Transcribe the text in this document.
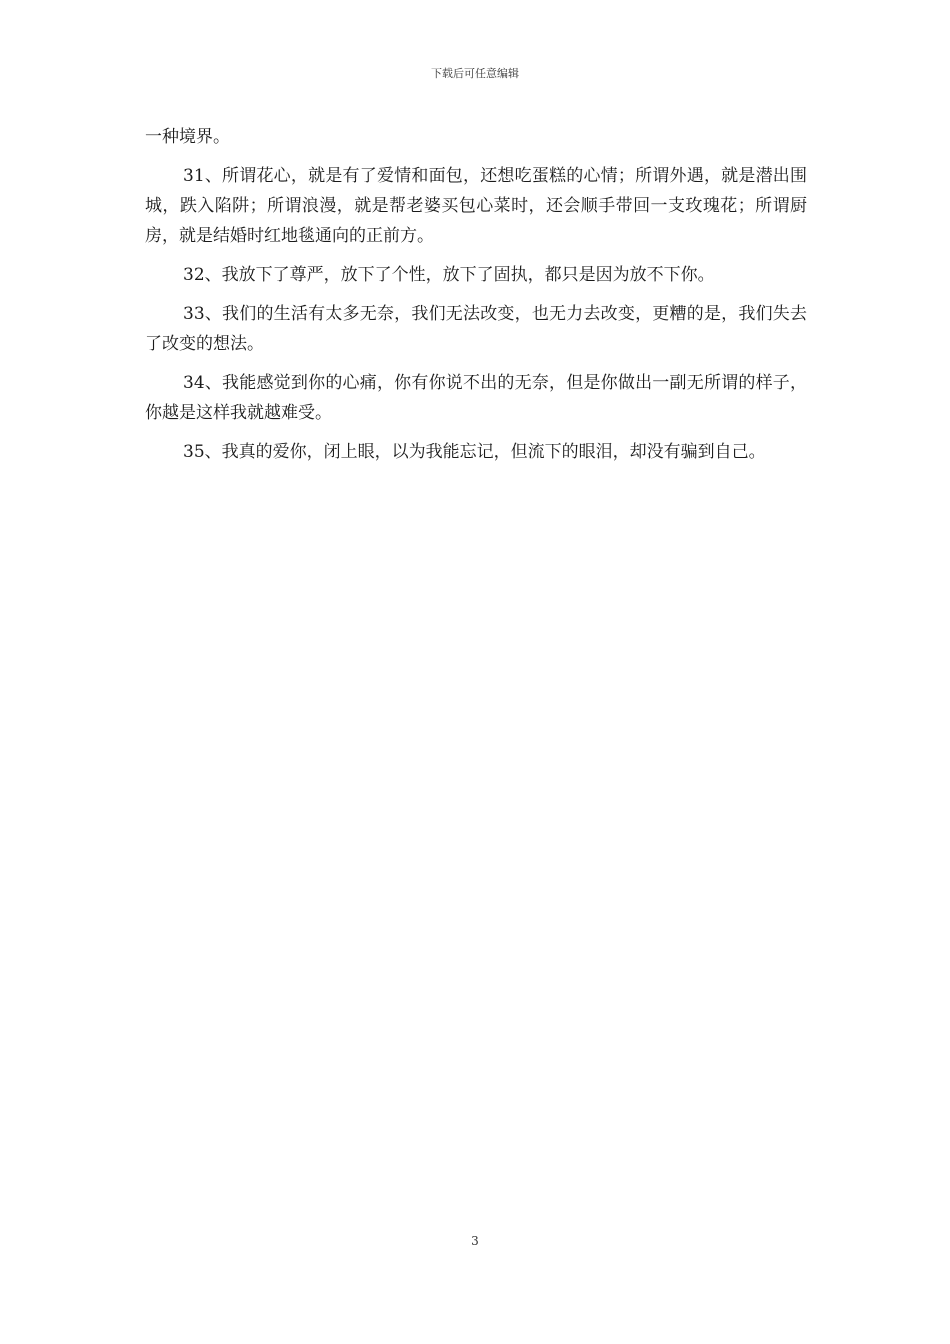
下载后可任意编辑

一种境界。

31、所谓花心，就是有了爱情和面包，还想吃蛋糕的心情；所谓外遇，就是潜出围城，跌入陷阱；所谓浪漫，就是帮老婆买包心菜时，还会顺手带回一支玫瑰花；所谓厨房，就是结婚时红地毯通向的正前方。

32、我放下了尊严，放下了个性，放下了固执，都只是因为放不下你。

33、我们的生活有太多无奈，我们无法改变，也无力去改变，更糟的是，我们失去了改变的想法。

34、我能感觉到你的心痛，你有你说不出的无奈，但是你做出一副无所谓的样子，你越是这样我就越难受。

35、我真的爱你，闭上眼，以为我能忘记，但流下的眼泪，却没有骗到自己。

3
